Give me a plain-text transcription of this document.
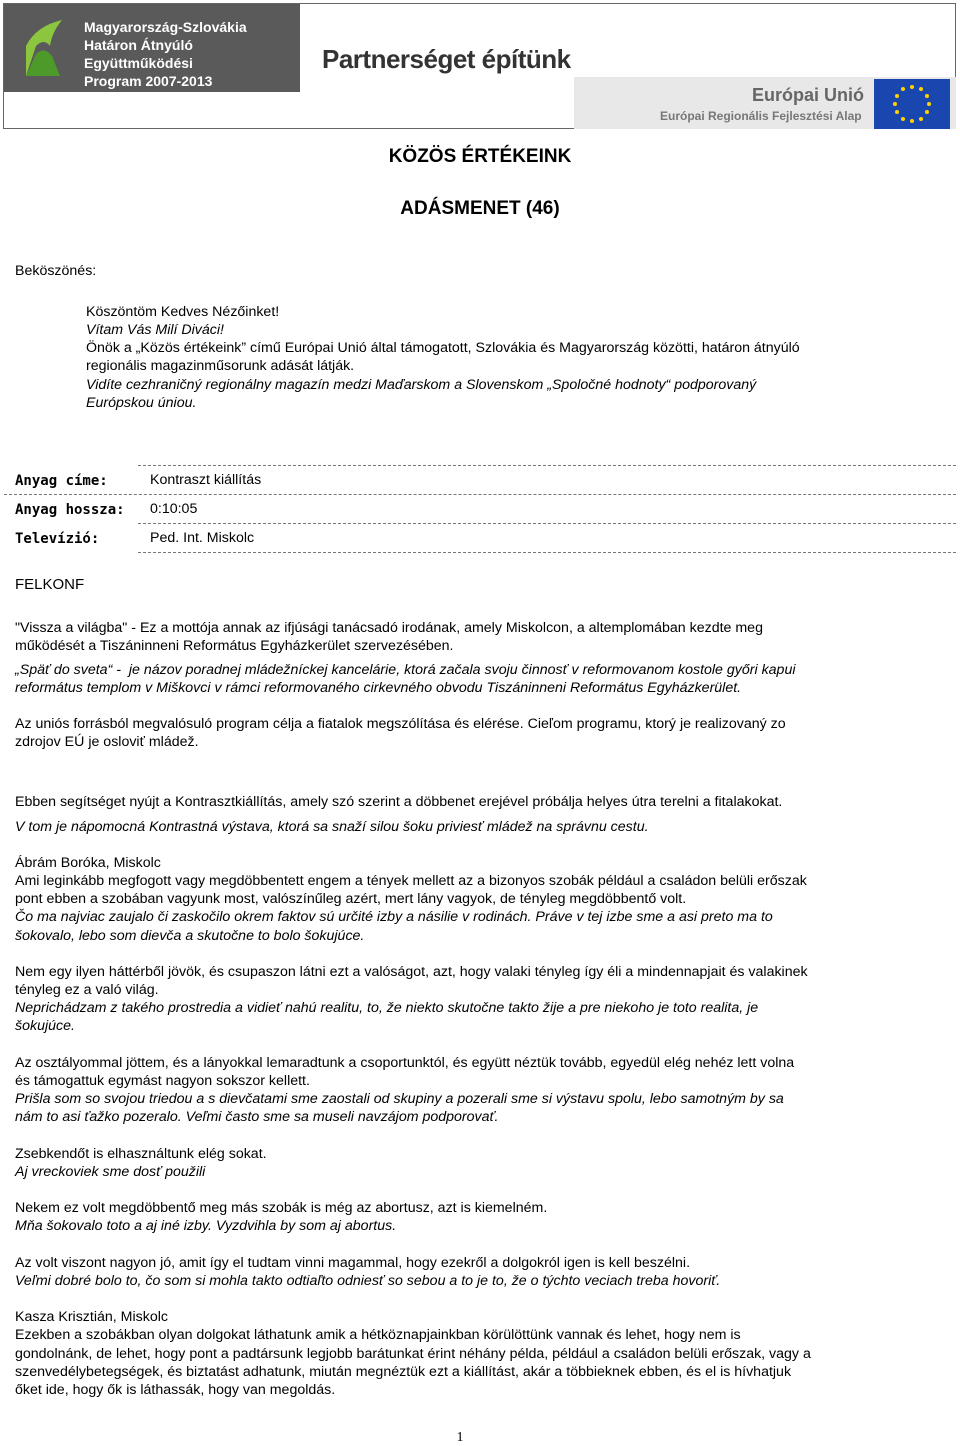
Magyarország-Szlovákia
Határon Átnyúló Együttműködési
Program 2007-2013
Partnerséget építünk
Európai Unió
Európai Regionális Fejlesztési Alap
KÖZÖS ÉRTÉKEINK
ADÁSMENET (46)
Beköszönés:
Köszöntöm Kedves Nézőinket!
Vítam Vás Milí Diváci!
Önök a „Közös értékeink” című Európai Unió által támogatott, Szlovákia és Magyarország közötti, határon átnyúló
regionális magazinműsorunk adását látják.
Vidíte cezhraničný regionálny magazín medzi Maďarskom a Slovenskom „Spoločné hodnoty“ podporovaný
Európskou úniou.
Anyag címe:	Kontraszt kiállítás
Anyag hossza: 0:10:05
Televízió:	Ped. Int. Miskolc
FELKONF
"Vissza a világba" - Ez a mottója annak az ifjúsági tanácsadó irodának, amely Miskolcon, a altemplomában kezdte meg
működését a Tiszáninneni Református Egyházkerület szervezésében.
„Späť do sveta“ -  je názov poradnej mládežníckej kancelárie, ktorá začala svoju činnosť v reformovanom kostole győri kapui
református templom v Miškovci v rámci reformovaného cirkevného obvodu Tiszáninneni Református Egyházkerület.
Az uniós forrásból megvalósuló program célja a fiatalok megszólítása és elérése. Cieľom programu, ktorý je realizovaný zo
zdrojov EÚ je osloviť mládež.
Ebben segítséget nyújt a Kontrasztkiállítás, amely szó szerint a döbbenet erejével próbálja helyes útra terelni a fitalakokat.
V tom je nápomocná Kontrastná výstava, ktorá sa snaží silou šoku priviesť mládež na správnu cestu.
Ábrám Boróka, Miskolc
Ami leginkább megfogott vagy megdöbbentett engem a tények mellett az a bizonyos szobák például a családon belüli erőszak
pont ebben a szobában vagyunk most, valószínűleg azért, mert lány vagyok, de tényleg megdöbbentő volt.
Čo ma najviac zaujalo či zaskočilo okrem faktov sú určité izby a násilie v rodinách. Práve v tej izbe sme a asi preto ma to
šokovalo, lebo som dievča a skutočne to bolo šokujúce.
Nem egy ilyen háttérből jövök, és csupaszon látni ezt a valóságot, azt, hogy valaki tényleg így éli a mindennapjait és valakinek
tényleg ez a való világ.
Neprichádzam z takého prostredia a vidieť nahú realitu, to, že niekto skutočne takto žije a pre niekoho je toto realita, je
šokujúce.
Az osztályommal jöttem, és a lányokkal lemaradtunk a csoportunktól, és együtt néztük tovább, egyedül elég nehéz lett volna
és támogattuk egymást nagyon sokszor kellett.
Prišla som so svojou triedou a s dievčatami sme zaostali od skupiny a pozerali sme si výstavu spolu, lebo samotným by sa
nám to asi ťažko pozeralo. Veľmi často sme sa museli navzájom podporovať.
Zsebkendőt is elhasználtunk elég sokat.
Aj vreckoviek sme dosť použili
Nekem ez volt megdöbbentő meg más szobák is még az abortusz, azt is kiemelném.
Mňa šokovalo toto a aj iné izby. Vyzdvihla by som aj abortus.
Az volt viszont nagyon jó, amit így el tudtam vinni magammal, hogy ezekről a dolgokról igen is kell beszélni.
Veľmi dobré bolo to, čo som si mohla takto odtiaľto odniesť so sebou a to je to, že o týchto veciach treba hovoriť.
Kasza Krisztián, Miskolc
Ezekben a szobákban olyan dolgokat láthatunk amik a hétköznapjainkban körülöttünk vannak és lehet, hogy nem is
gondolnánk, de lehet, hogy pont a padtársunk legjobb barátunkat érint néhány példa, például a családon belüli erőszak, vagy a
szenvedélybetegségek, és biztatást adhatunk, miután megnéztük ezt a kiállítást, akár a többieknek ebben, és el is hívhatjuk
őket ide, hogy ők is láthassák, hogy van megoldás.
1
